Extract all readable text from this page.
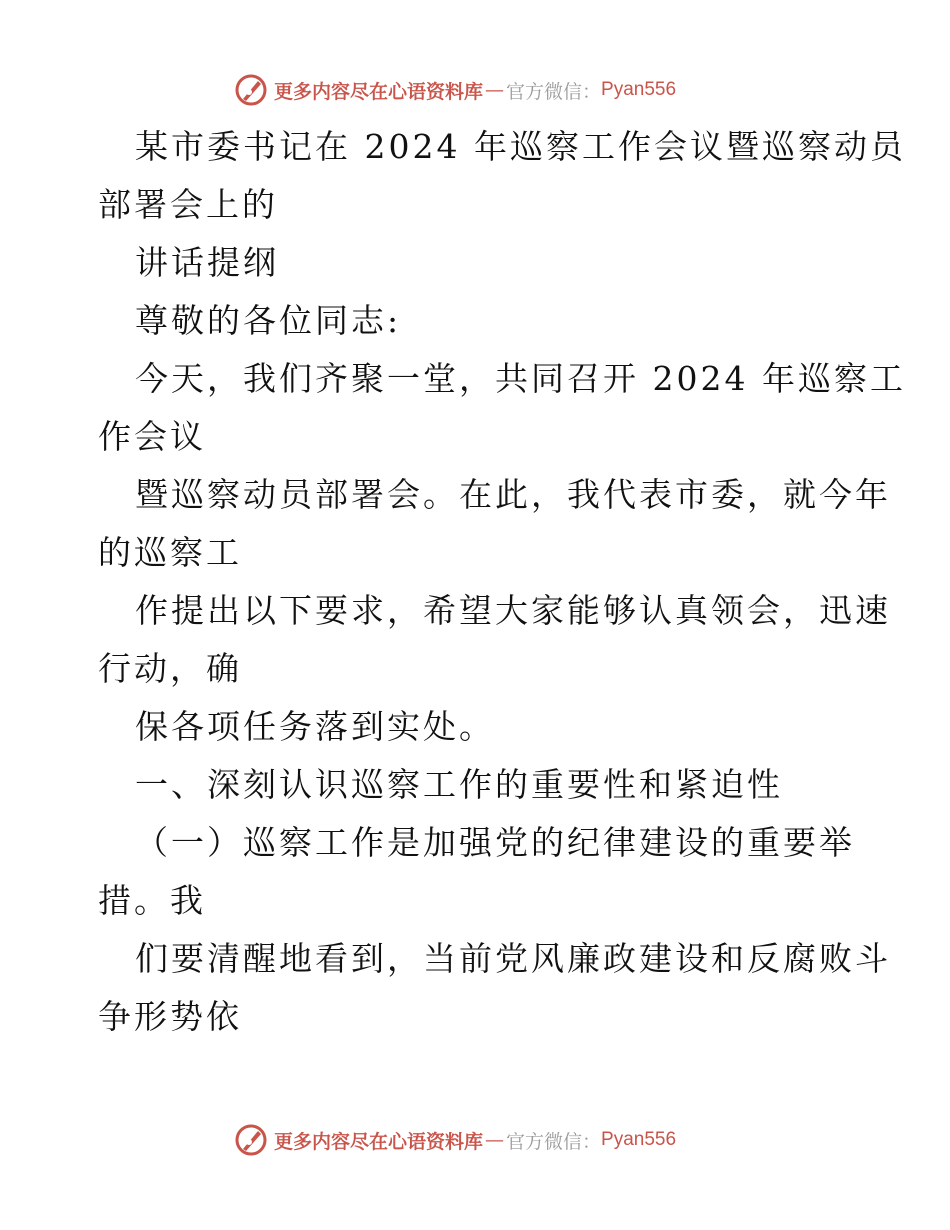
更多内容尽在心语资料库 — 官方微信： Pyan556

某市委书记在 2024 年巡察工作会议暨巡察动员

部署会上的

讲话提纲

尊敬的各位同志:

今天，我们齐聚一堂，共同召开 2024 年巡察工

作会议

暨巡察动员部署会。在此，我代表市委，就今年

的巡察工

作提出以下要求，希望大家能够认真领会，迅速

行动，确

保各项任务落到实处。

一、深刻认识巡察工作的重要性和紧迫性

（一）巡察工作是加强党的纪律建设的重要举

措。我

们要清醒地看到，当前党风廉政建设和反腐败斗

争形势依

更多内容尽在心语资料库 — 官方微信： Pyan556
